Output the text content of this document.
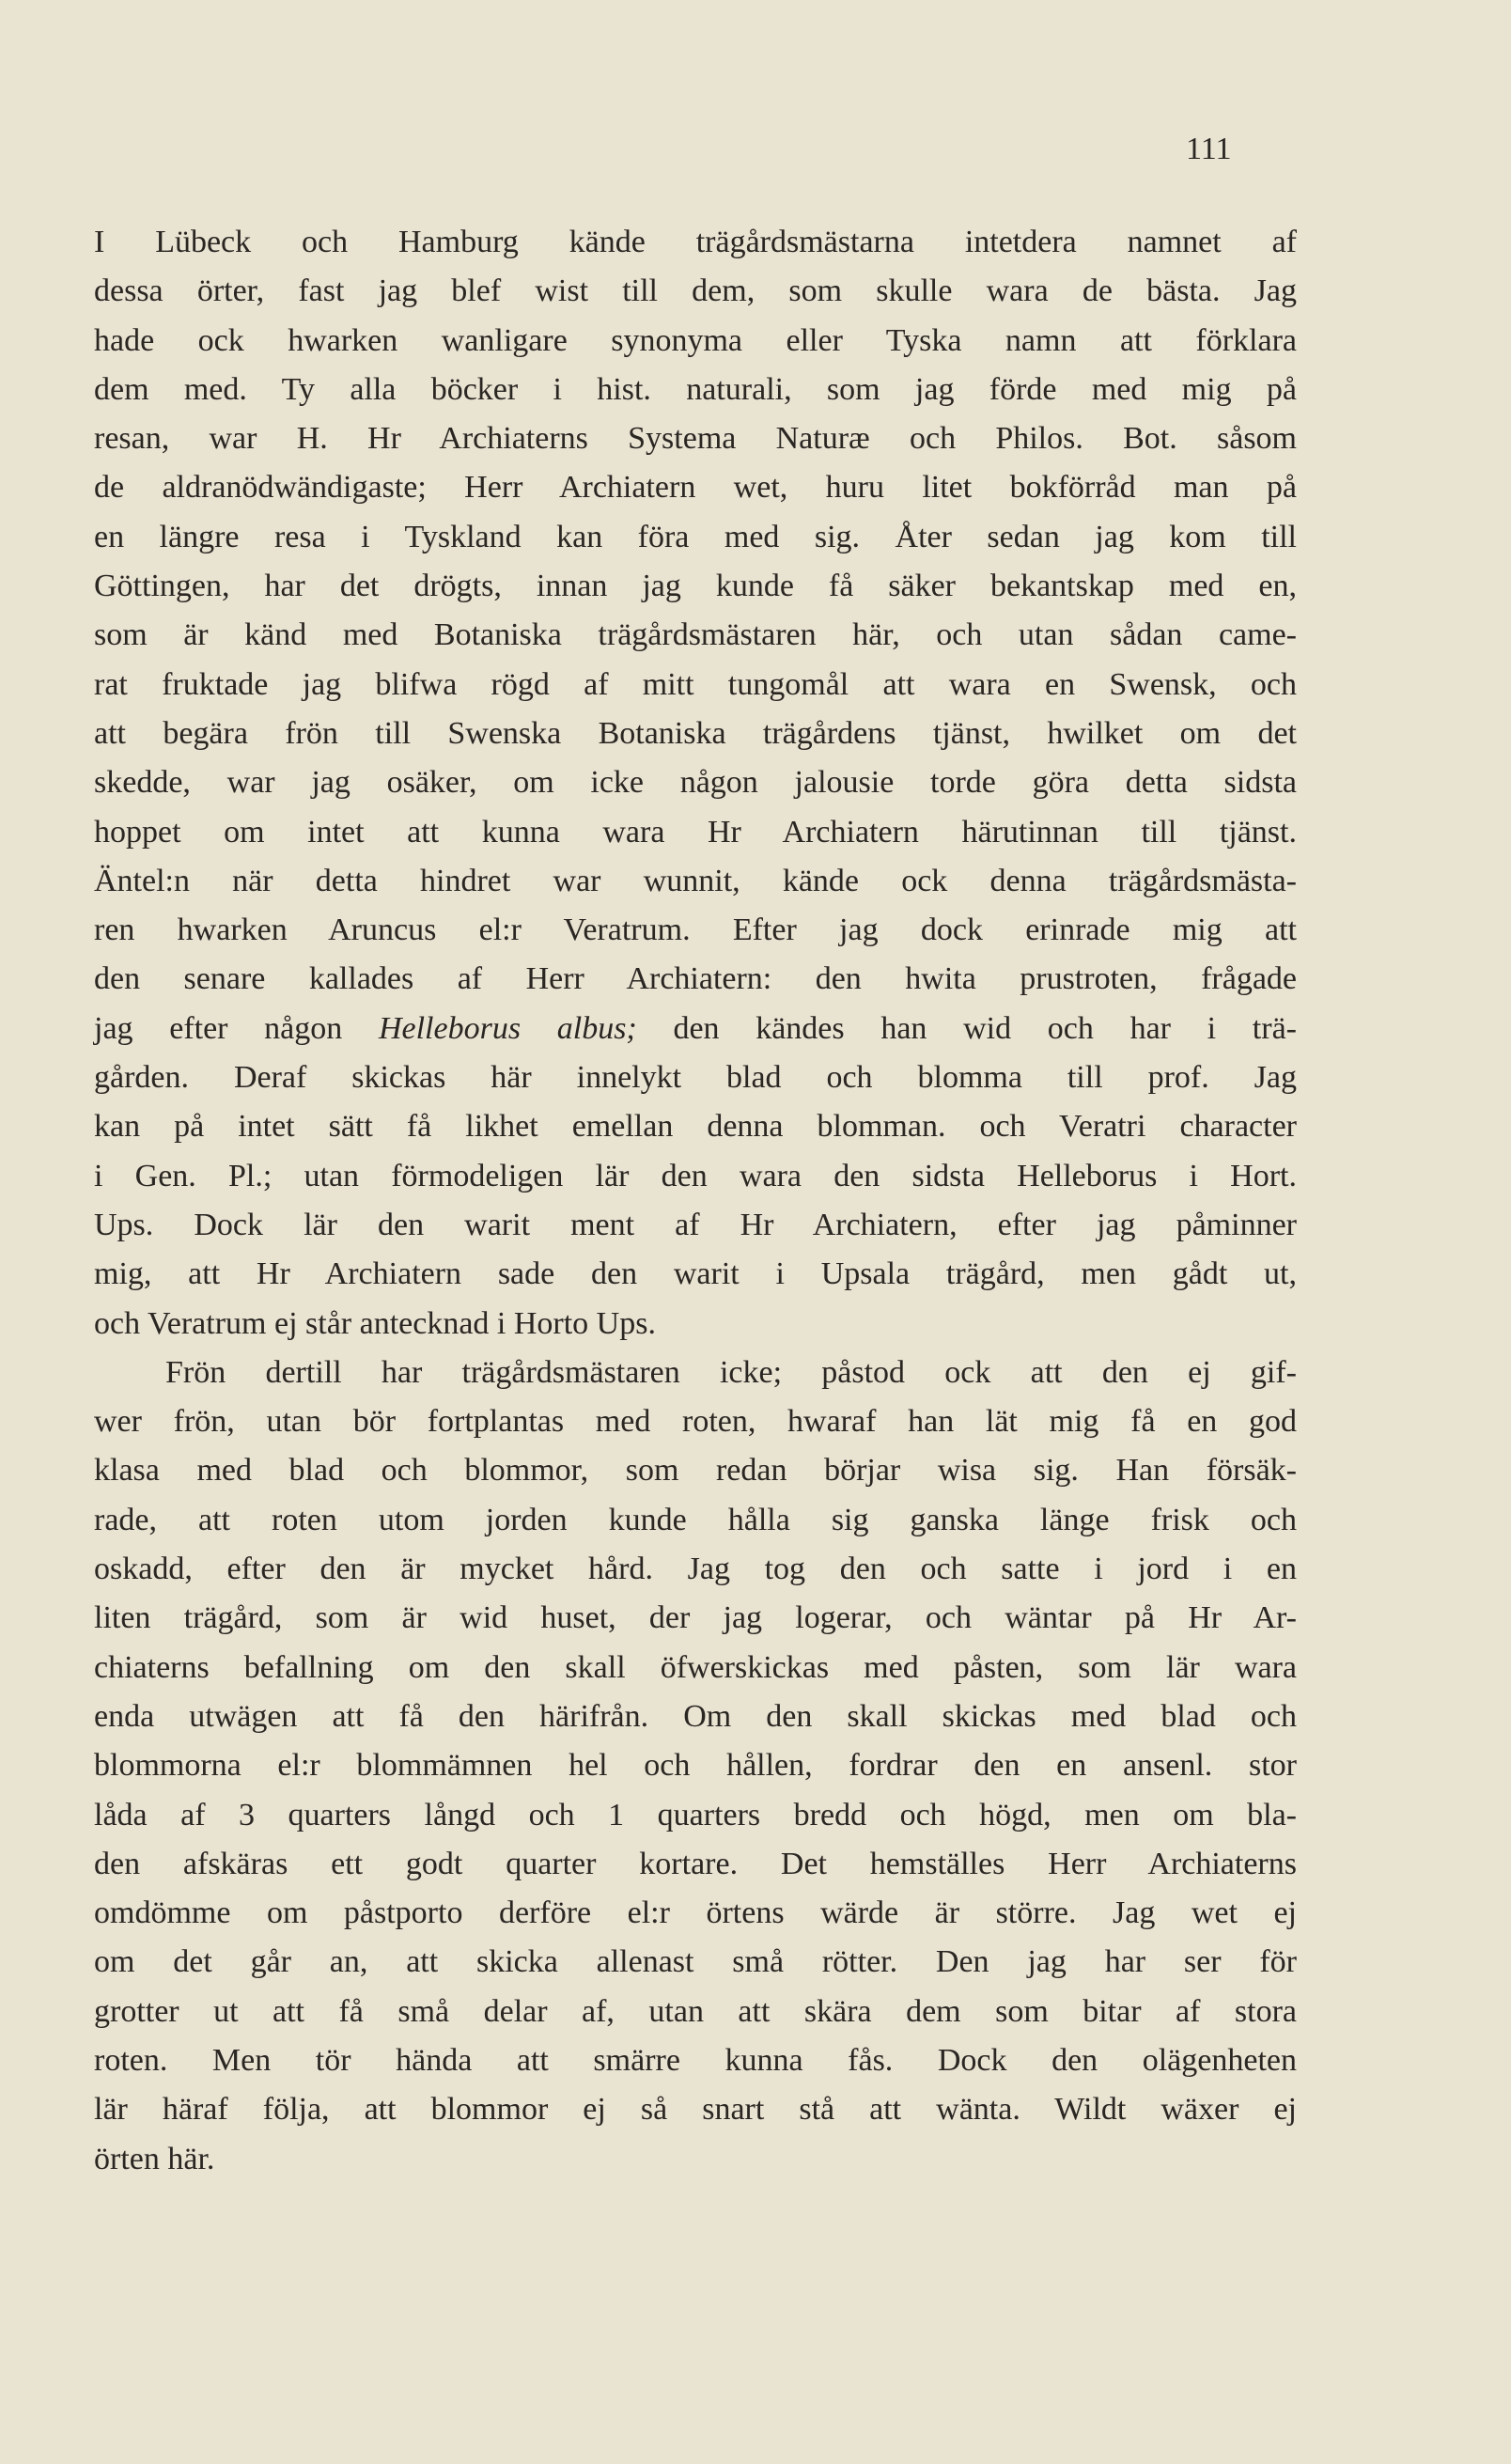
111
I Lübeck och Hamburg kände trägårdsmästarna intetdera namnet af
dessa örter, fast jag blef wist till dem, som skulle wara de bästa. Jag
hade ock hwarken wanligare synonyma eller Tyska namn att förklara
dem med. Ty alla böcker i hist. naturali, som jag förde med mig på
resan, war H. Hr Archiaterns Systema Naturæ och Philos. Bot. såsom
de aldranödwändigaste; Herr Archiatern wet, huru litet bokförråd man på
en längre resa i Tyskland kan föra med sig. Åter sedan jag kom till
Göttingen, har det drögts, innan jag kunde få säker bekantskap med en,
som är känd med Botaniska trägårdsmästaren här, och utan sådan came-
rat fruktade jag blifwa rögd af mitt tungomål att wara en Swensk, och
att begära frön till Swenska Botaniska trägårdens tjänst, hwilket om det
skedde, war jag osäker, om icke någon jalousie torde göra detta sidsta
hoppet om intet att kunna wara Hr Archiatern härutinnan till tjänst.
Äntel:n när detta hindret war wunnit, kände ock denna trägårdsmästa-
ren hwarken Aruncus el:r Veratrum. Efter jag dock erinrade mig att
den senare kallades af Herr Archiatern: den hwita prustroten, frågade
jag efter någon Helleborus albus; den kändes han wid och har i trä-
gården. Deraf skickas här innelykt blad och blomma till prof. Jag
kan på intet sätt få likhet emellan denna blomman. och Veratri character
i Gen. Pl.; utan förmodeligen lär den wara den sidsta Helleborus i Hort.
Ups. Dock lär den warit ment af Hr Archiatern, efter jag påminner
mig, att Hr Archiatern sade den warit i Upsala trägård, men gådt ut,
och Veratrum ej står antecknad i Horto Ups.
Frön dertill har trägårdsmästaren icke; påstod ock att den ej gif-
wer frön, utan bör fortplantas med roten, hwaraf han lät mig få en god
klasa med blad och blommor, som redan börjar wisa sig. Han försäk-
rade, att roten utom jorden kunde hålla sig ganska länge frisk och
oskadd, efter den är mycket hård. Jag tog den och satte i jord i en
liten trägård, som är wid huset, der jag logerar, och wäntar på Hr Ar-
chiaterns befallning om den skall öfwerskickas med påsten, som lär wara
enda utwägen att få den härifrån. Om den skall skickas med blad och
blommorna el:r blommämnen hel och hållen, fordrar den en ansenl. stor
låda af 3 quarters långd och 1 quarters bredd och högd, men om bla-
den afskäras ett godt quarter kortare. Det hemställes Herr Archiaterns
omdömme om påstporto derföre el:r örtens wärde är större. Jag wet ej
om det går an, att skicka allenast små rötter. Den jag har ser för
grotter ut att få små delar af, utan att skära dem som bitar af stora
roten. Men tör hända att smärre kunna fås. Dock den olägenheten
lär häraf följa, att blommor ej så snart stå att wänta. Wildt wäxer ej
örten här.
